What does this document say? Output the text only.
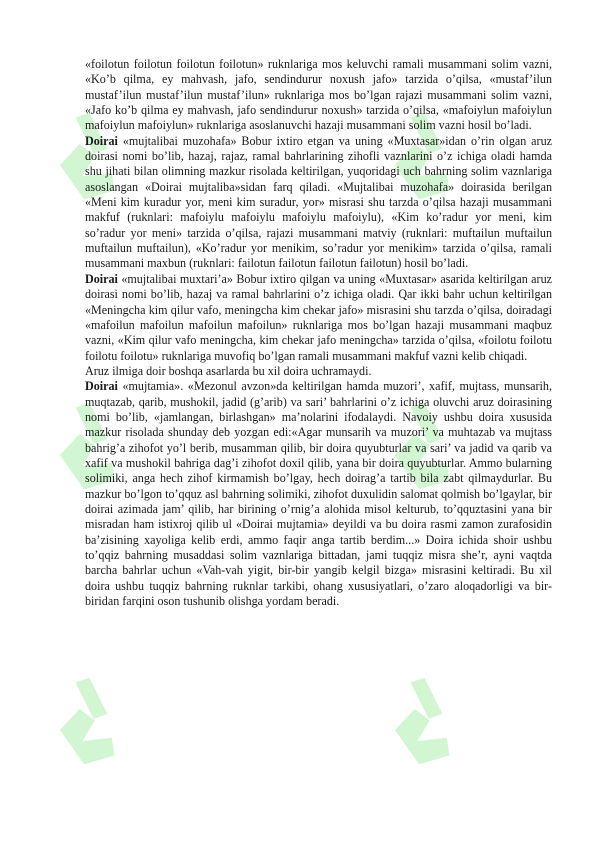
«foilotun foilotun foilotun foilotun» ruknlariga mos keluvchi ramali musammani solim vazni, «Ko’b qilma, ey mahvash, jafo, sendindurur noxush jafo» tarzida o’qilsa, «mustaf’ilun mustaf’ilun mustaf’ilun mustaf’ilun» ruknlariga mos bo’lgan rajazi musammani solim vazni, «Jafo ko’b qilma ey mahvash, jafo sendindurur noxush» tarzida o’qilsa, «mafoiylun mafoiylun mafoiylun mafoiylun» ruknlariga asoslanuvchi hazaji musammani solim vazni hosil bo’ladi.

Doirai «mujtalibai muzohafa» Bobur ixtiro etgan va uning «Muxtasar»idan o’rin olgan aruz doirasi nomi bo’lib, hazaj, rajaz, ramal bahrlarining zihofli vaznlarini o’z ichiga oladi hamda shu jihati bilan olimning mazkur risolada keltirilgan, yuqoridagi uch bahrning solim vaznlariga asoslangan «Doirai mujtaliba»sidan farq qiladi. «Mujtalibai muzohafa» doirasida berilgan «Meni kim kuradur yor, meni kim suradur, yor» misrasi shu tarzda o’qilsa hazaji musammani makfuf (ruknlari: mafoiylu mafoiylu mafoiylu mafoiylu), «Kim ko’radur yor meni, kim so’radur yor meni» tarzida o’qilsa, rajazi musammani matviy (ruknlari: muftailun muftailun muftailun muftailun), «Ko’radur yor menikim, so’radur yor menikim» tarzida o’qilsa, ramali musammani maxbun (ruknlari: failotun failotun failotun failotun) hosil bo’ladi.

Doirai «mujtalibai muxtari’a» Bobur ixtiro qilgan va uning «Muxtasar» asarida keltirilgan aruz doirasi nomi bo’lib, hazaj va ramal bahrlarini o’z ichiga oladi. Qar ikki bahr uchun keltirilgan «Meningcha kim qilur vafo, meningcha kim chekar jafo» misrasini shu tarzda o’qilsa, doiradagi «mafoilun mafoilun mafoilun mafoilun» ruknlariga mos bo’lgan hazaji musammani maqbuz vazni, «Kim qilur vafo meningcha, kim chekar jafo meningcha» tarzida o’qilsa, «foilotu foilotu foilotu foilotu» ruknlariga muvofiq bo’lgan ramali musammani makfuf vazni kelib chiqadi.

Aruz ilmiga doir boshqa asarlarda bu xil doira uchramaydi.

Doirai «mujtamia». «Mezonul avzon»da keltirilgan hamda muzori’, xafif, mujtass, munsarih, muqtazab, qarib, mushokil, jadid (g’arib) va sari’ bahrlarini o’z ichiga oluvchi aruz doirasining nomi bo’lib, «jamlangan, birlashgan» ma’nolarini ifodalaydi. Navoiy ushbu doira xususida mazkur risolada shunday deb yozgan edi:«Agar munsarih va muzori’ va muhtazab va mujtass bahrig’a zihofot yo’l berib, musamman qilib, bir doira quyubturlar va sari’ va jadid va qarib va xafif va mushokil bahriga dag’i zihofot doxil qilib, yana bir doira quyubturlar. Ammo bularning solimiki, anga hech zihof kirmamish bo’lgay, hech doirag’a tartib bila zabt qilmaydurlar. Bu mazkur bo’lgon to’qquz asl bahrning solimiki, zihofot duxulidin salomat qolmish bo’lgaylar, bir doirai azimada jam’ qilib, har birining o’rnig’a alohida misol kelturub, to’qquztasini yana bir misradan ham istixroj qilib ul «Doirai mujtamia» deyildi va bu doira rasmi zamon zurafosidin ba’zisining xayoliga kelib erdi, ammo faqir anga tartib berdim...» Doira ichida shoir ushbu to’qqiz bahrning musaddasi solim vaznlariga bittadan, jami tuqqiz misra she’r, ayni vaqtda barcha bahrlar uchun «Vah-vah yigit, bir-bir yangib kelgil bizga» misrasini keltiradi. Bu xil doira ushbu tuqqiz bahrning ruknlar tarkibi, ohang xususiyatlari, o’zaro aloqadorligi va bir-biridan farqini oson tushunib olishga yordam beradi.
